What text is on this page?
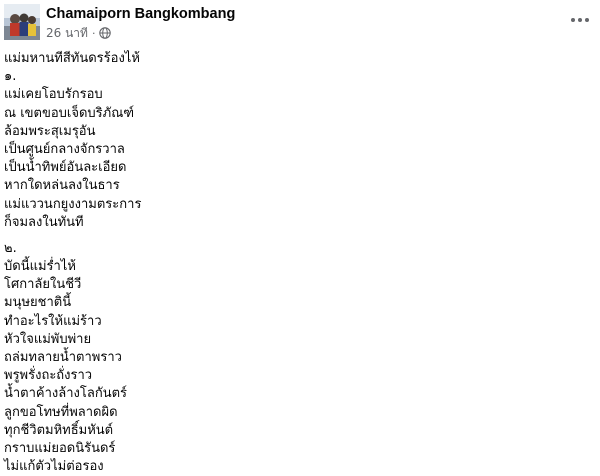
Chamaiporn Bangkombang
26 นาที ·
แม่มหานทีสีทันดรร้องไห้
๑.
แม่เคยโอบรักรอบ
ณ เขตขอบเจ็ดบริภัณฑ์
ล้อมพระสุเมรุอัน
เป็นศูนย์กลางจักรวาล
เป็นน้ำทิพย์อันละเอียด
หากใดหล่นลงในธาร
แม่แววนกยูงงามตระการ
ก็จมลงในทันที
๒.
บัดนี้แม่ร่ำไห้
โศกาลัยในชีวี
มนุษยชาตินี้
ทำอะไรให้แม่ร้าว
หัวใจแม่พับพ่าย
ถล่มทลายน้ำตาพราว
พรูพรั่งถะถั่งราว
น้ำตาค้างล้างโลกันตร์
ลูกขอโทษที่พลาดผิด
ทุกชีวิตมหิทธิ์มหันต์
กราบแม่ยอดนิรันดร์
ไม่แก้ตัวไม่ต่อรอง
